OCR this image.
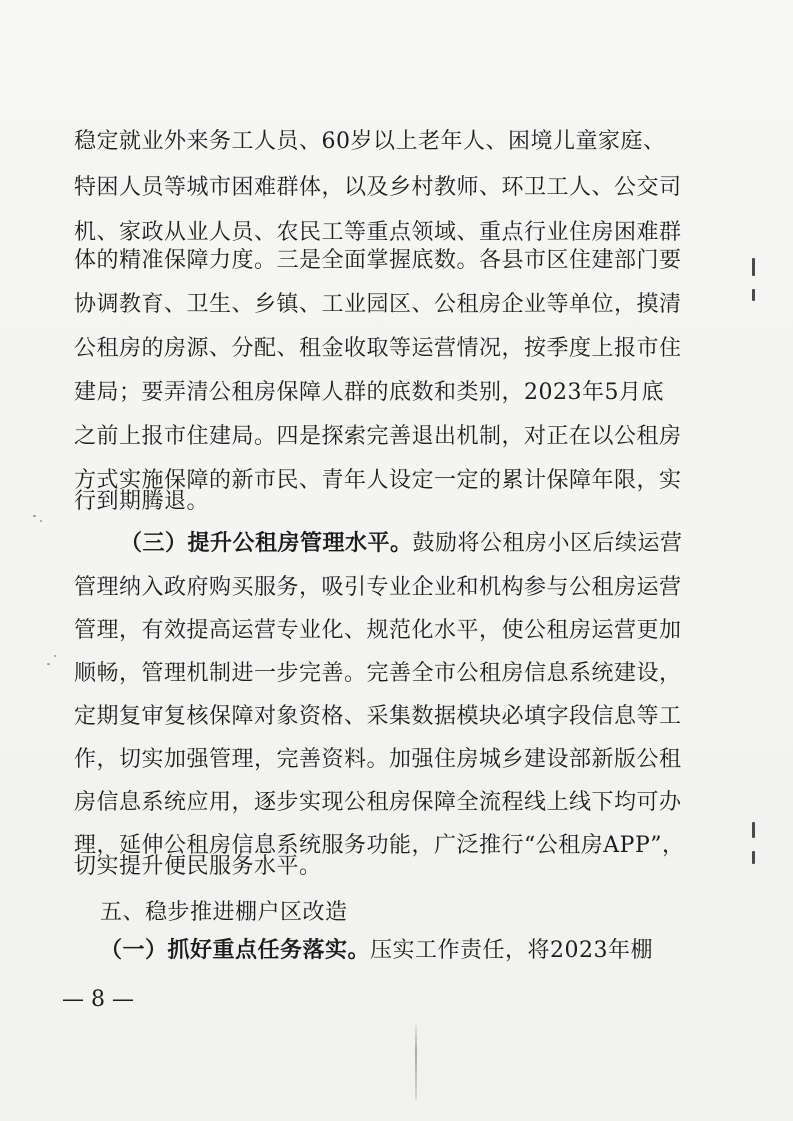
稳定就业外来务工人员、60岁以上老年人、困境儿童家庭、
特困人员等城市困难群体，以及乡村教师、环卫工人、公交司
机、家政从业人员、农民工等重点领域、重点行业住房困难群
体的精准保障力度。三是全面掌握底数。各县市区住建部门要
协调教育、卫生、乡镇、工业园区、公租房企业等单位，摸清
公租房的房源、分配、租金收取等运营情况，按季度上报市住
建局；要弄清公租房保障人群的底数和类别，2023年5月底
之前上报市住建局。四是探索完善退出机制，对正在以公租房
方式实施保障的新市民、青年人设定一定的累计保障年限，实
行到期腾退。
（三）提升公租房管理水平。鼓励将公租房小区后续运营
管理纳入政府购买服务，吸引专业企业和机构参与公租房运营
管理，有效提高运营专业化、规范化水平，使公租房运营更加
顺畅，管理机制进一步完善。完善全市公租房信息系统建设，
定期复审复核保障对象资格、采集数据模块必填字段信息等工
作，切实加强管理，完善资料。加强住房城乡建设部新版公租
房信息系统应用，逐步实现公租房保障全流程线上线下均可办
理，延伸公租房信息系统服务功能，广泛推行“公租房APP”，
切实提升便民服务水平。
五、稳步推进棚户区改造
（一）抓好重点任务落实。压实工作责任，将2023年棚
— 8 —
